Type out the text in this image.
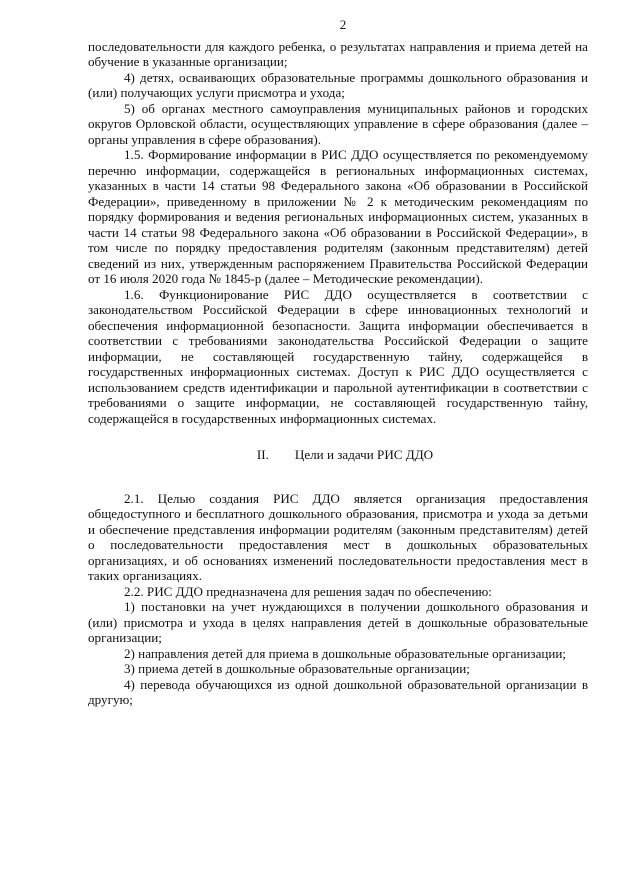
2

последовательности для каждого ребенка, о результатах направления и приема детей на обучение в указанные организации;

4) детях, осваивающих образовательные программы дошкольного образования и (или) получающих услуги присмотра и ухода;

5) об органах местного самоуправления муниципальных районов и городских округов Орловской области, осуществляющих управление в сфере образования (далее – органы управления в сфере образования).

1.5. Формирование информации в РИС ДДО осуществляется по рекомендуемому перечню информации, содержащейся в региональных информационных системах, указанных в части 14 статьи 98 Федерального закона «Об образовании в Российской Федерации», приведенному в приложении № 2 к методическим рекомендациям по порядку формирования и ведения региональных информационных систем, указанных в части 14 статьи 98 Федерального закона «Об образовании в Российской Федерации», в том числе по порядку предоставления родителям (законным представителям) детей сведений из них, утвержденным распоряжением Правительства Российской Федерации от 16 июля 2020 года № 1845-р (далее – Методические рекомендации).

1.6. Функционирование РИС ДДО осуществляется в соответствии с законодательством Российской Федерации в сфере инновационных технологий и обеспечения информационной безопасности. Защита информации обеспечивается в соответствии с требованиями законодательства Российской Федерации о защите информации, не составляющей государственную тайну, содержащейся в государственных информационных системах. Доступ к РИС ДДО осуществляется с использованием средств идентификации и парольной аутентификации в соответствии с требованиями о защите информации, не составляющей государственную тайну, содержащейся в государственных информационных системах.

II. Цели и задачи РИС ДДО

2.1. Целью создания РИС ДДО является организация предоставления общедоступного и бесплатного дошкольного образования, присмотра и ухода за детьми и обеспечение представления информации родителям (законным представителям) детей о последовательности предоставления мест в дошкольных образовательных организациях, и об основаниях изменений последовательности предоставления мест в таких организациях.

2.2. РИС ДДО предназначена для решения задач по обеспечению:

1) постановки на учет нуждающихся в получении дошкольного образования и (или) присмотра и ухода в целях направления детей в дошкольные образовательные организации;

2) направления детей для приема в дошкольные образовательные организации;

3) приема детей в дошкольные образовательные организации;

4) перевода обучающихся из одной дошкольной образовательной организации в другую;
